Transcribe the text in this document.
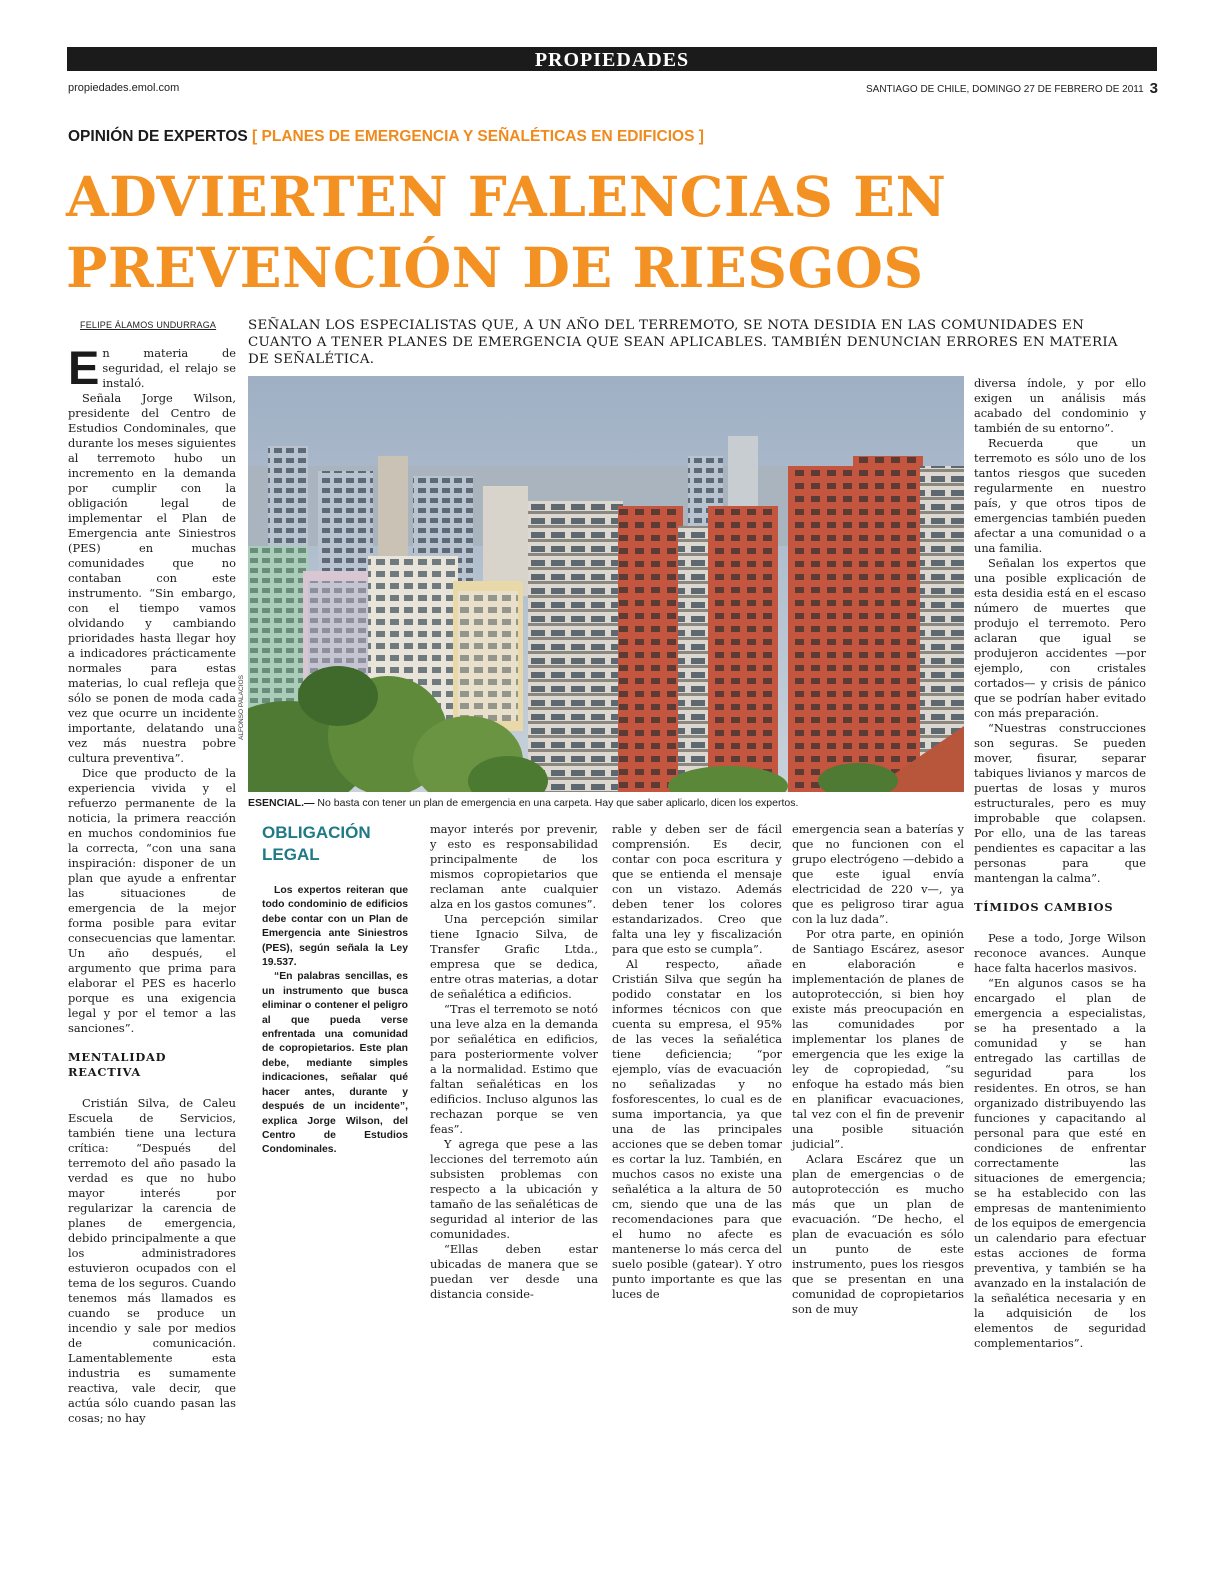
PROPIEDADES
propiedades.emol.com	SANTIAGO DE CHILE, DOMINGO 27 DE FEBRERO DE 2011 3
OPINIÓN DE EXPERTOS [ PLANES DE EMERGENCIA Y SEÑALÉTICAS EN EDIFICIOS ]
ADVIERTEN FALENCIAS EN
PREVENCIÓN DE RIESGOS
FELIPE ÁLAMOS UNDURRAGA SEÑALAN LOS ESPECIALISTAS QUE, A UN AÑO DEL TERREMOTO, SE NOTA DESIDIA EN LAS COMUNIDADES EN CUANTO A TENER PLANES DE EMERGENCIA QUE SEAN APLICABLES. TAMBIÉN DENUNCIAN ERRORES EN MATERIA DE SEÑALÉTICA.

En materia de seguridad, el relajo se instaló.

Señala Jorge Wilson, presidente del Centro de Estudios Condominales, que durante los meses siguientes al terremoto hubo un incremento en la demanda por cumplir con la obligación legal de implementar el Plan de Emergencia ante Siniestros (PES) en muchas comunidades que no contaban con este instrumento. “Sin embargo, con el tiempo vamos olvidando y cambiando prioridades hasta llegar hoy a indicadores prácticamente normales para estas materias, lo cual refleja que sólo se ponen de moda cada vez que ocurre un incidente importante, delatando una vez más nuestra pobre cultura preventiva”.

Dice que producto de la experiencia vivida y el refuerzo permanente de la noticia, la primera reacción en muchos condominios fue la correcta, “con una sana inspiración: disponer de un plan que ayude a enfrentar las situaciones de emergencia de la mejor forma posible para evitar consecuencias que lamentar. Un año después, el argumento que prima para elaborar el PES es hacerlo porque es una exigencia legal y por el temor a las sanciones”.

MENTALIDAD REACTIVA

Cristián Silva, de Caleu Escuela de Servicios, también tiene una lectura crítica: “Después del terremoto del año pasado la verdad es que no hubo mayor interés por regularizar la carencia de planes de emergencia, debido principalmente a que los administradores estuvieron ocupados con el tema de los seguros. Cuando tenemos más llamados es cuando se produce un incendio y sale por medios de comunicación. Lamentablemente esta industria es sumamente reactiva, vale decir, que actúa sólo cuando pasan las cosas; no hay

ALFONSO PALACIOS
ESENCIAL.— No basta con tener un plan de emergencia en una carpeta. Hay que saber aplicarlo, dicen los expertos.
OBLIGACIÓN LEGAL

Los expertos reiteran que todo condominio de edificios debe contar con un Plan de Emergencia ante Siniestros (PES), según señala la Ley 19.537.

“En palabras sencillas, es un instrumento que busca eliminar o contener el peligro al que pueda verse enfrentada una comunidad de copropietarios. Este plan debe, mediante simples indicaciones, señalar qué hacer antes, durante y después de un incidente”, explica Jorge Wilson, del Centro de Estudios Condominales.

mayor interés por prevenir, y esto es responsabilidad principalmente de los mismos copropietarios que reclaman ante cualquier alza en los gastos comunes”.

Una percepción similar tiene Ignacio Silva, de Transfer Grafic Ltda., empresa que se dedica, entre otras materias, a dotar de señalética a edificios.

“Tras el terremoto se notó una leve alza en la demanda por señalética en edificios, para posteriormente volver a la normalidad. Estimo que faltan señaléticas en los edificios. Incluso algunos las rechazan porque se ven feas”.

Y agrega que pese a las lecciones del terremoto aún subsisten problemas con respecto a la ubicación y tamaño de las señaléticas de seguridad al interior de las comunidades.

“Ellas deben estar ubicadas de manera que se puedan ver desde una distancia conside-

rable y deben ser de fácil comprensión. Es decir, contar con poca escritura y que se entienda el mensaje con un vistazo. Además deben tener los colores estandarizados. Creo que falta una ley y fiscalización para que esto se cumpla”.

Al respecto, añade Cristián Silva que según ha podido constatar en los informes técnicos con que cuenta su empresa, el 95% de las veces la señalética tiene deficiencia; “por ejemplo, vías de evacuación no señalizadas y no fosforescentes, lo cual es de suma importancia, ya que una de las principales acciones que se deben tomar es cortar la luz. También, en muchos casos no existe una señalética a la altura de 50 cm, siendo que una de las recomendaciones para que el humo no afecte es mantenerse lo más cerca del suelo posible (gatear). Y otro punto importante es que las luces de

emergencia sean a baterías y que no funcionen con el grupo electrógeno —debido a que este igual envía electricidad de 220 v—, ya que es peligroso tirar agua con la luz dada”.

Por otra parte, en opinión de Santiago Escárez, asesor en elaboración e implementación de planes de autoprotección, si bien hoy existe más preocupación en las comunidades por implementar los planes de emergencia que les exige la ley de copropiedad, “su enfoque ha estado más bien en planificar evacuaciones, tal vez con el fin de prevenir una posible situación judicial”.

Aclara Escárez que un plan de emergencias o de autoprotección es mucho más que un plan de evacuación. “De hecho, el plan de evacuación es sólo un punto de este instrumento, pues los riesgos que se presentan en una comunidad de copropietarios son de muy

diversa índole, y por ello exigen un análisis más acabado del condominio y también de su entorno”.

Recuerda que un terremoto es sólo uno de los tantos riesgos que suceden regularmente en nuestro país, y que otros tipos de emergencias también pueden afectar a una comunidad o a una familia.

Señalan los expertos que una posible explicación de esta desidia está en el escaso número de muertes que produjo el terremoto. Pero aclaran que igual se produjeron accidentes —por ejemplo, con cristales cortados— y crisis de pánico que se podrían haber evitado con más preparación.

“Nuestras construcciones son seguras. Se pueden mover, fisurar, separar tabiques livianos y marcos de puertas de losas y muros estructurales, pero es muy improbable que colapsen. Por ello, una de las tareas pendientes es capacitar a las personas para que mantengan la calma”.

TÍMIDOS CAMBIOS

Pese a todo, Jorge Wilson reconoce avances. Aunque hace falta hacerlos masivos.

“En algunos casos se ha encargado el plan de emergencia a especialistas, se ha presentado a la comunidad y se han entregado las cartillas de seguridad para los residentes. En otros, se han organizado distribuyendo las funciones y capacitando al personal para que esté en condiciones de enfrentar correctamente las situaciones de emergencia; se ha establecido con las empresas de mantenimiento de los equipos de emergencia un calendario para efectuar estas acciones de forma preventiva, y también se ha avanzado en la instalación de la señalética necesaria y en la adquisición de los elementos de seguridad complementarios”.
